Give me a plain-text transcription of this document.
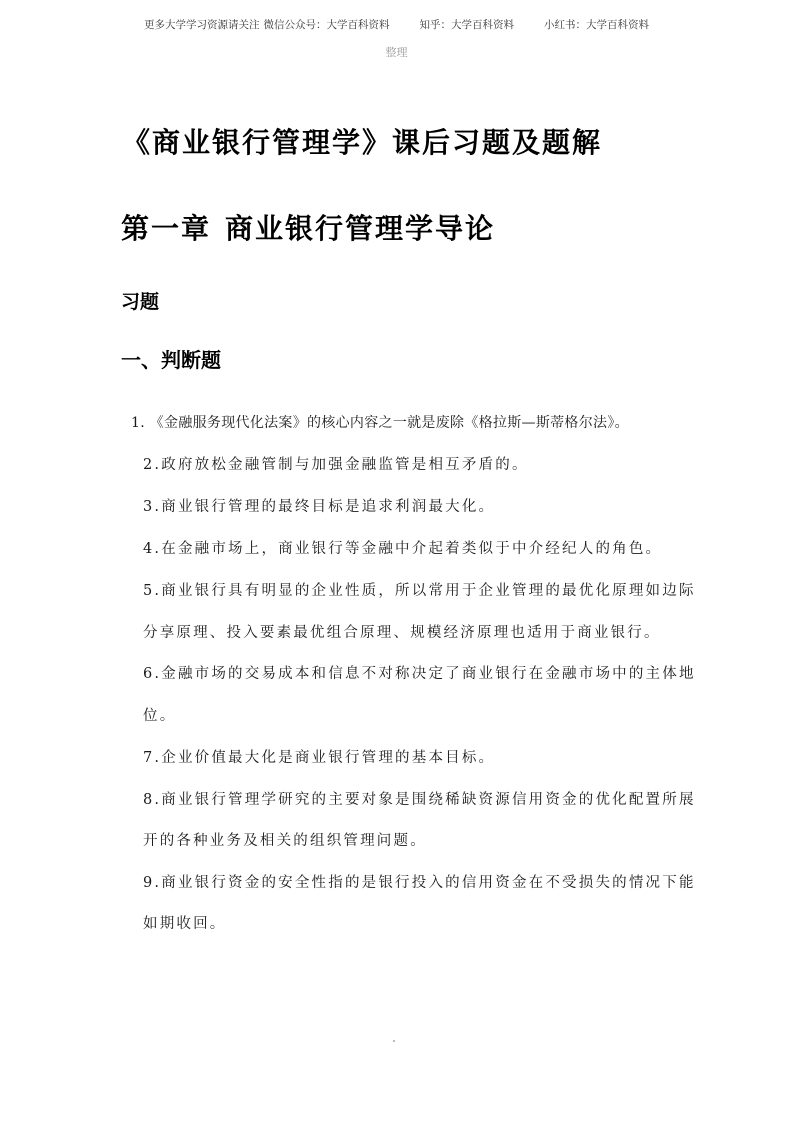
更多大学学习资源请关注 微信公众号：大学百科资料	知乎：大学百科资料	小红书：大学百科资料
整理
《商业银行管理学》课后习题及题解
第一章 商业银行管理学导论
习题
一、判断题
1. 《金融服务现代化法案》的核心内容之一就是废除《格拉斯—斯蒂格尔法》。
2.政府放松金融管制与加强金融监管是相互矛盾的。
3.商业银行管理的最终目标是追求利润最大化。
4.在金融市场上，商业银行等金融中介起着类似于中介经纪人的角色。
5.商业银行具有明显的企业性质，所以常用于企业管理的最优化原理如边际
分享原理、投入要素最优组合原理、规模经济原理也适用于商业银行。
6.金融市场的交易成本和信息不对称决定了商业银行在金融市场中的主体地
位。
7.企业价值最大化是商业银行管理的基本目标。
8.商业银行管理学研究的主要对象是围绕稀缺资源信用资金的优化配置所展
开的各种业务及相关的组织管理问题。
9.商业银行资金的安全性指的是银行投入的信用资金在不受损失的情况下能
如期收回。
